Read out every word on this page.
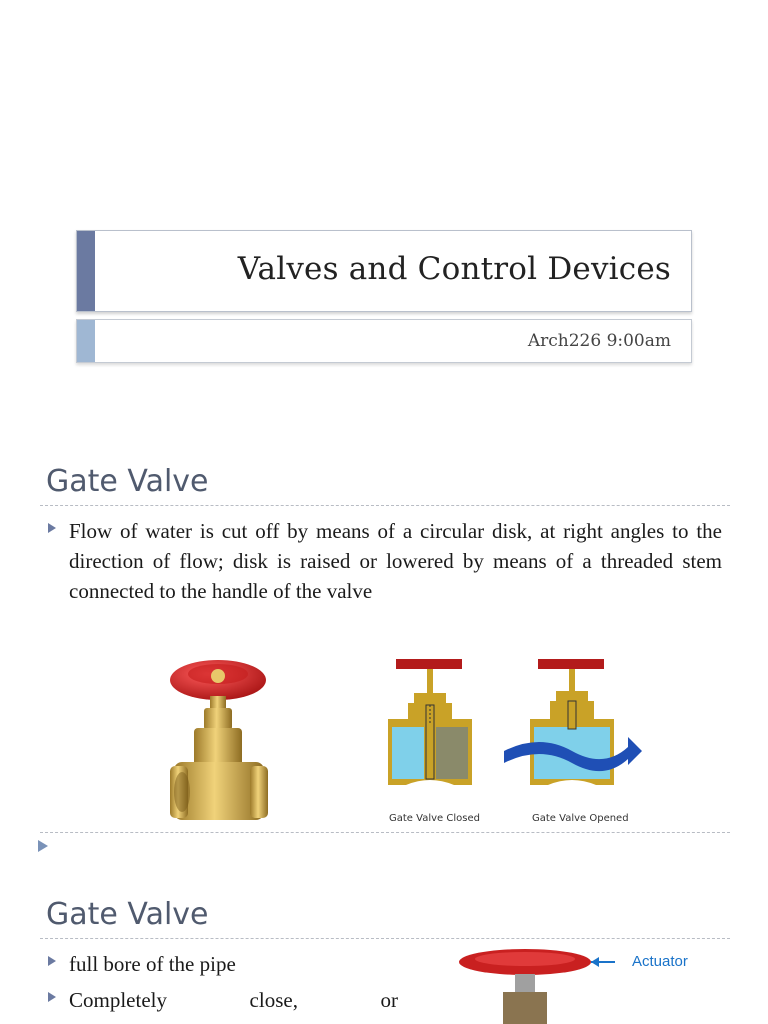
Valves and Control Devices
Arch226 9:00am
Gate Valve
Flow of water is cut off by means of a circular disk, at right angles to the direction of flow; disk is raised or lowered by means of a threaded stem connected to the handle of the valve
Gate Valve Closed	Gate Valve Opened
Gate Valve
full bore of the pipe
Completely close, or
Actuator
